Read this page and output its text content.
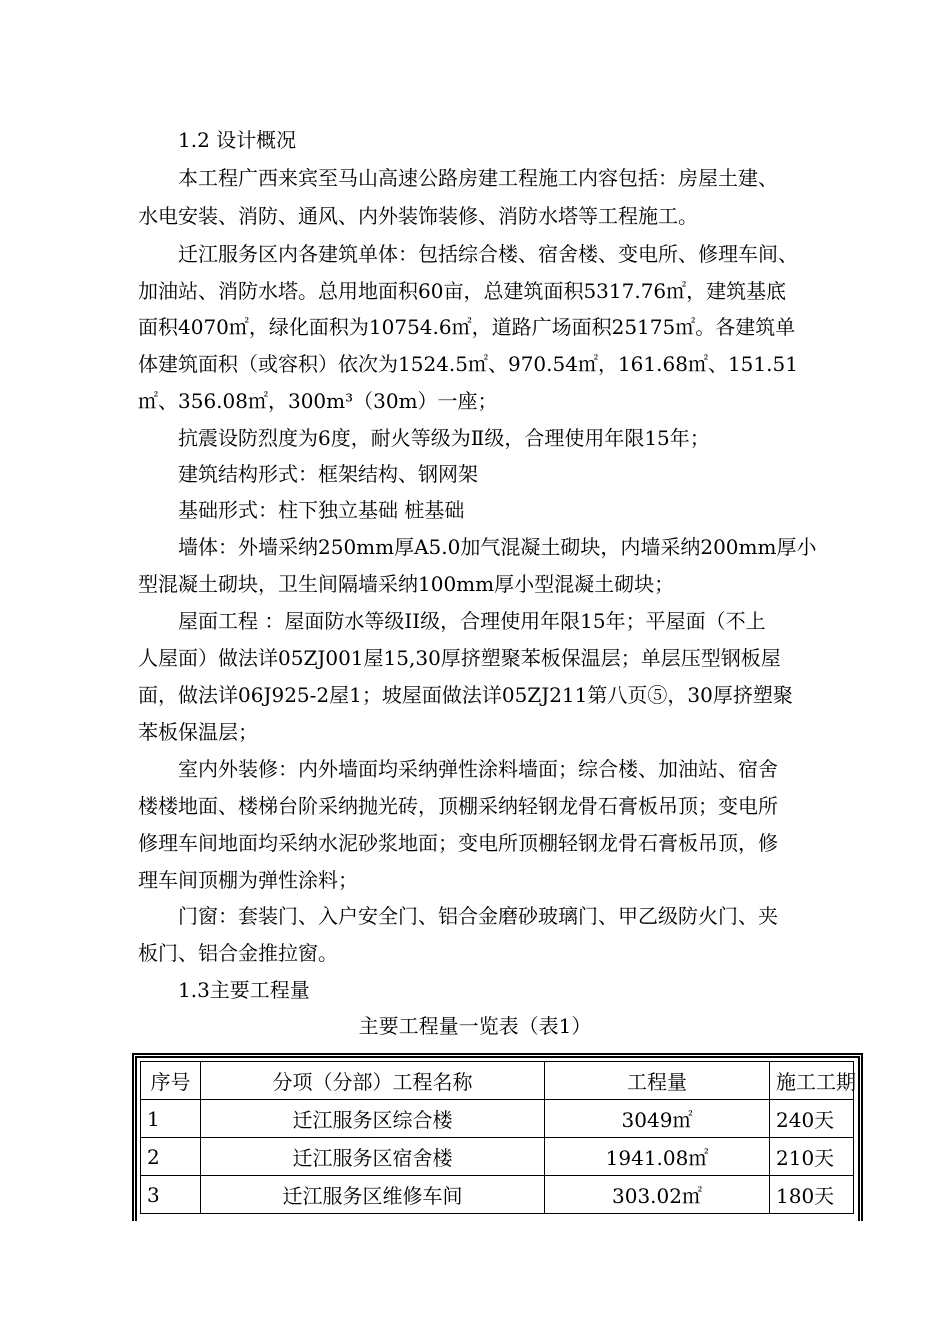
1.2 设计概况
本工程广西来宾至马山高速公路房建工程施工内容包括：房屋土建、
水电安装、消防、通风、内外装饰装修、消防水塔等工程施工。
迁江服务区内各建筑单体：包括综合楼、宿舍楼、变电所、修理车间、
加油站、消防水塔。总用地面积60亩，总建筑面积5317.76㎡，建筑基底
面积4070㎡，绿化面积为10754.6㎡，道路广场面积25175㎡。各建筑单
体建筑面积（或容积）依次为1524.5㎡、970.54㎡，161.68㎡、151.51
㎡、356.08㎡，300m³（30m）一座；
抗震设防烈度为6度，耐火等级为Ⅱ级，合理使用年限15年；
建筑结构形式：框架结构、钢网架
基础形式：柱下独立基础 桩基础
墙体：外墙采纳250mm厚A5.0加气混凝土砌块，内墙采纳200mm厚小
型混凝土砌块，卫生间隔墙采纳100mm厚小型混凝土砌块；
屋面工程 ：屋面防水等级II级，合理使用年限15年；平屋面（不上
人屋面）做法详05ZJ001屋15,30厚挤塑聚苯板保温层；单层压型钢板屋
面，做法详06J925-2屋1；坡屋面做法详05ZJ211第八页⑤，30厚挤塑聚
苯板保温层；
室内外装修：内外墙面均采纳弹性涂料墙面；综合楼、加油站、宿舍
楼楼地面、楼梯台阶采纳抛光砖，顶棚采纳轻钢龙骨石膏板吊顶；变电所
修理车间地面均采纳水泥砂浆地面；变电所顶棚轻钢龙骨石膏板吊顶，修
理车间顶棚为弹性涂料；
门窗：套装门、入户安全门、铝合金磨砂玻璃门、甲乙级防火门、夹
板门、铝合金推拉窗。
1.3主要工程量
主要工程量一览表（表1）
序号	分项（分部）工程名称	工程量	施工工期
1	迁江服务区综合楼	3049㎡	240天
2	迁江服务区宿舍楼	1941.08㎡	210天
3	迁江服务区维修车间	303.02㎡	180天
